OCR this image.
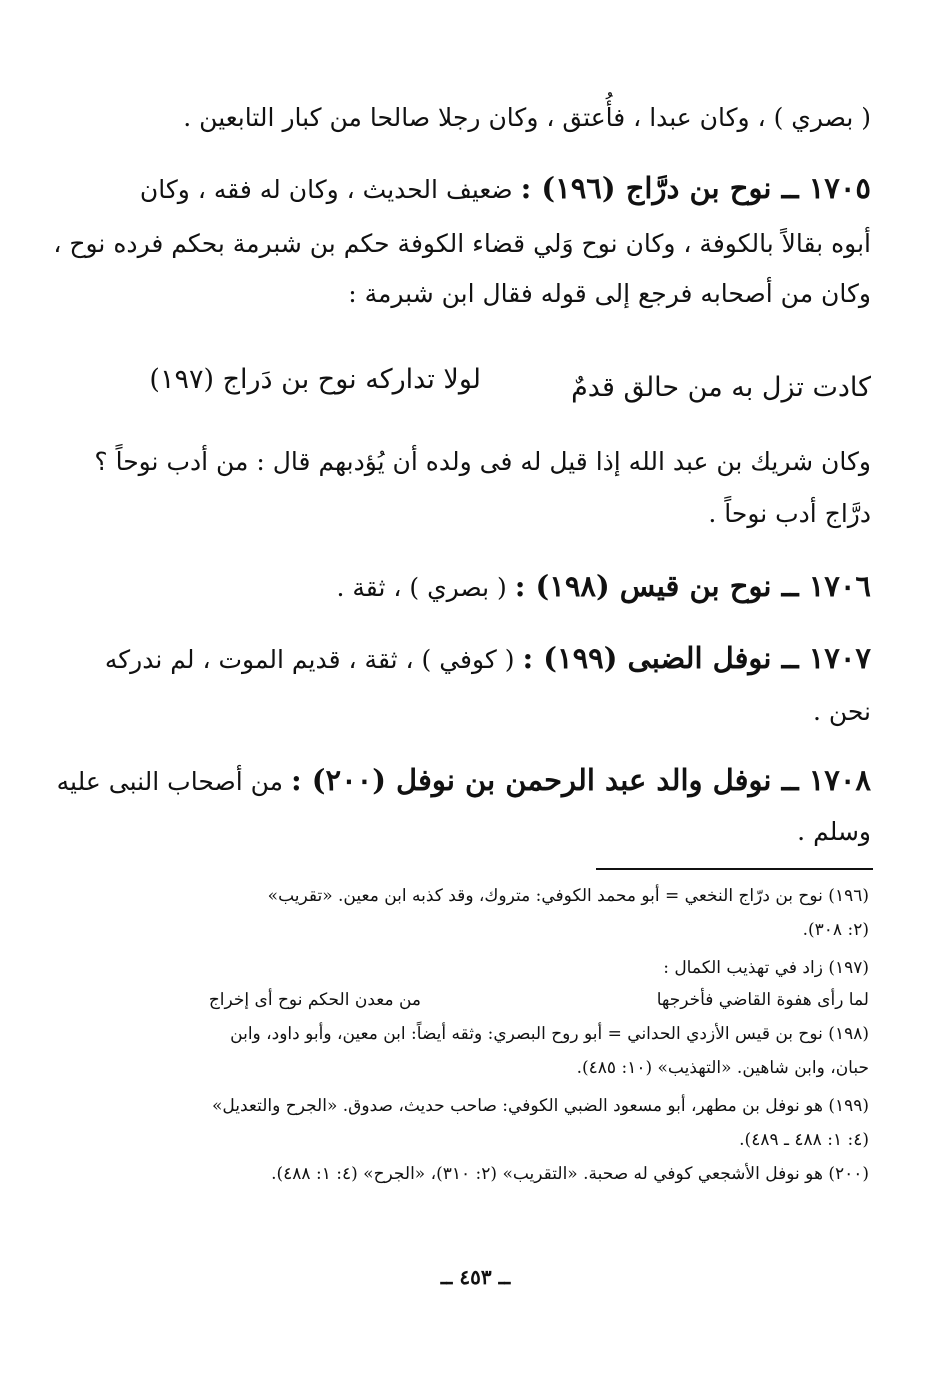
( بصري ) ، وكان عبدا ، فأُعتق ، وكان رجلا صالحا من كبار التابعين .
١٧٠٥ ــ نوح بن درَّاج (١٩٦) : ضعيف الحديث ، وكان له فقه ، وكان
أبوه بقالاً بالكوفة ، وكان نوح وَلي قضاء الكوفة حكم بن شبرمة بحكم فرده نوح ،
وكان من أصحابه فرجع إلى قوله فقال ابن شبرمة :
كادت تزل به من حالق قدمٌ
لولا تداركه نوح بن دَراج (١٩٧)
وكان شريك بن عبد الله إذا قيل له فى ولده أن يُؤدبهم قال : من أدب نوحاً ؟
درَّاج أدب نوحاً .
١٧٠٦ ــ نوح بن قيس (١٩٨) : ( بصري ) ، ثقة .
١٧٠٧ ــ نوفل الضبى (١٩٩) : ( كوفي ) ، ثقة ، قديم الموت ، لم ندركه
نحن .
١٧٠٨ ــ نوفل والد عبد الرحمن بن نوفل (٢٠٠) : من أصحاب النبى عليه
وسلم .
(١٩٦) نوح بن درّاج النخعي = أبو محمد الكوفي: متروك، وقد كذبه ابن معين. «تقريب»
(٢: ٣٠٨).
(١٩٧) زاد في تهذيب الكمال :
لما رأى هفوة القاضي فأخرجها
من معدن الحكم نوح أى إخراج
(١٩٨) نوح بن قيس الأزدي الحداني = أبو روح البصري: وثقه أيضاً: ابن معين، وأبو داود، وابن
حبان، وابن شاهين. «التهذيب» (١٠: ٤٨٥).
(١٩٩) هو نوفل بن مطهر، أبو مسعود الضبي الكوفي: صاحب حديث، صدوق. «الجرح والتعديل»
(٤: ١: ٤٨٨ ـ ٤٨٩).
(٢٠٠) هو نوفل الأشجعي كوفي له صحبة. «التقريب» (٢: ٣١٠)، «الجرح» (٤: ١: ٤٨٨).
ــ ٤٥٣ ــ
